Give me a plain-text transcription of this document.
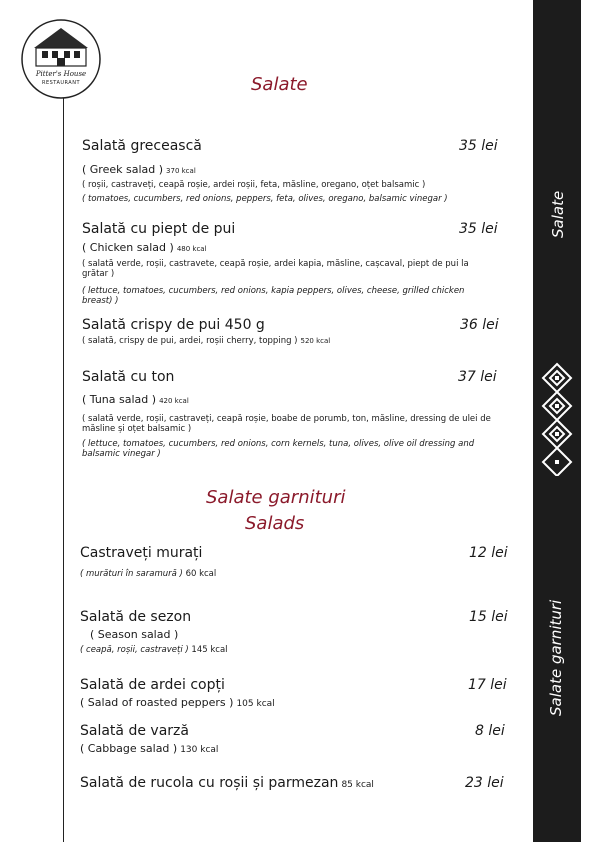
Pitter's House
RESTAURANT
Salate
Salate garnituri
Salate
Salată grecească	35 lei
( Greek salad ) 370 kcal
( roșii, castraveți, ceapă roșie, ardei roșii, feta, măsline, oregano, oțet balsamic )
( tomatoes, cucumbers, red onions, peppers, feta, olives, oregano, balsamic vinegar )
Salată cu piept de pui	35 lei
( Chicken salad ) 480 kcal
( salată verde, roșii, castravete, ceapă roșie, ardei kapia, măsline, cașcaval, piept de pui la grătar )
( lettuce, tomatoes, cucumbers, red onions, kapia peppers, olives, cheese, grilled chicken breast) )
Salată crispy de pui 450 g	36 lei
( salată, crispy de pui, ardei, roșii cherry, topping ) 520 kcal
Salată cu ton	37 lei
( Tuna salad ) 420 kcal
( salată verde, roșii, castraveți, ceapă roșie, boabe de porumb, ton, măsline, dressing de ulei de măsline și oțet balsamic )
( lettuce, tomatoes, cucumbers, red onions, corn kernels, tuna, olives, olive oil dressing and balsamic vinegar )
Salate garnituri
Salads
Castraveți murați	12 lei
( murături în saramură ) 60 kcal
Salată de sezon	15 lei
( Season salad )
( ceapă, roșii, castraveți ) 145 kcal
Salată de ardei copți	17 lei
( Salad of roasted peppers ) 105 kcal
Salată de varză	8 lei
( Cabbage salad ) 130 kcal
Salată de rucola cu roșii și parmezan 85 kcal	23 lei
